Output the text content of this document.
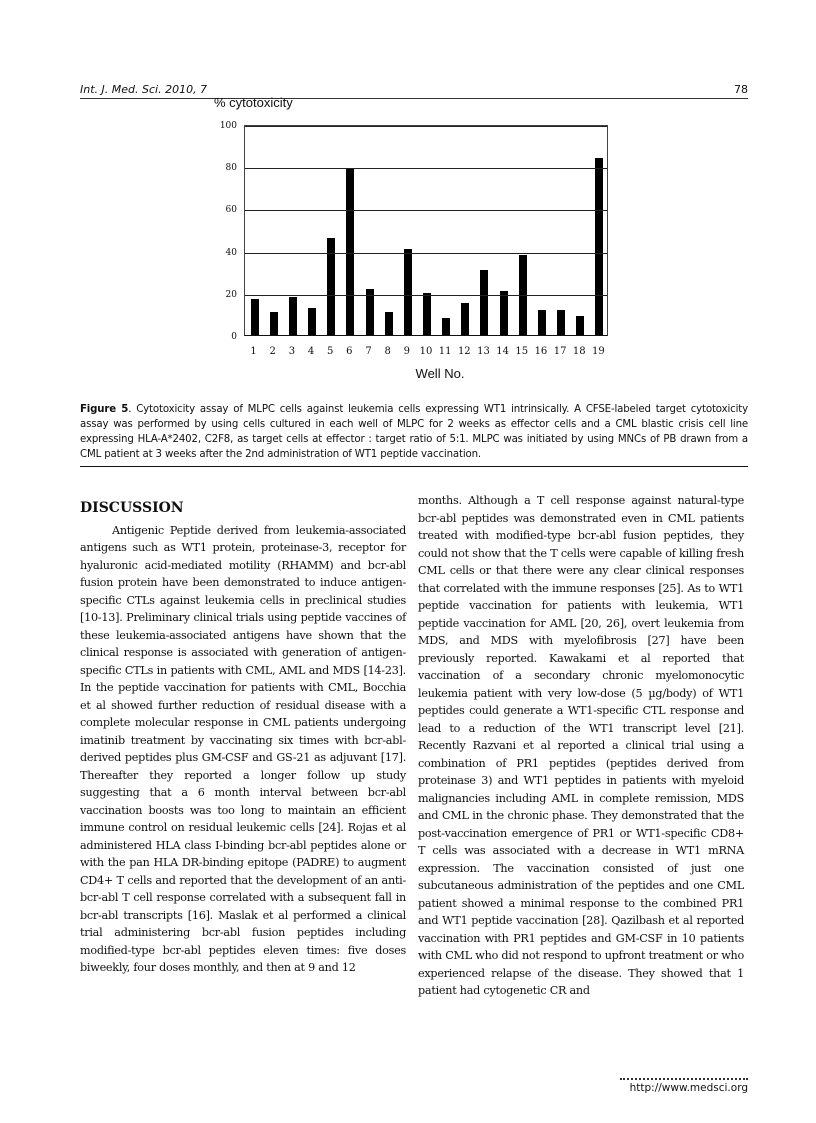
Int. J. Med. Sci. 2010, 7	78
% cytotoxicity
0
20
40
60
80
100
1 2 3 4 5 6 7 8 9 10 11 12 13 14 15 16 17 18 19
Well No.
Figure 5. Cytotoxicity assay of MLPC cells against leukemia cells expressing WT1 intrinsically. A CFSE-labeled target cytotoxicity assay was performed by using cells cultured in each well of MLPC for 2 weeks as effector cells and a CML blastic crisis cell line expressing HLA-A*2402, C2F8, as target cells at effector : target ratio of 5:1. MLPC was initiated by using MNCs of PB drawn from a CML patient at 3 weeks after the 2nd administration of WT1 peptide vaccination.
DISCUSSION

Antigenic Peptide derived from leukemia-associated antigens such as WT1 protein, proteinase-3, receptor for hyaluronic acid-mediated motility (RHAMM) and bcr-abl fusion protein have been demonstrated to induce antigen-specific CTLs against leukemia cells in preclinical studies [10-13]. Preliminary clinical trials using peptide vaccines of these leukemia-associated antigens have shown that the clinical response is associated with generation of antigen-specific CTLs in patients with CML, AML and MDS [14-23]. In the peptide vaccination for patients with CML, Bocchia et al showed further reduction of residual disease with a complete molecular response in CML patients undergoing imatinib treatment by vaccinating six times with bcr-abl-derived peptides plus GM-CSF and GS-21 as adjuvant [17]. Thereafter they reported a longer follow up study suggesting that a 6 month interval between bcr-abl vaccination boosts was too long to maintain an efficient immune control on residual leukemic cells [24]. Rojas et al administered HLA class I-binding bcr-abl peptides alone or with the pan HLA DR-binding epitope (PADRE) to augment CD4+ T cells and reported that the development of an anti-bcr-abl T cell response correlated with a subsequent fall in bcr-abl transcripts [16]. Maslak et al performed a clinical trial administering bcr-abl fusion peptides including modified-type bcr-abl peptides eleven times: five doses biweekly, four doses monthly, and then at 9 and 12

months. Although a T cell response against natural-type bcr-abl peptides was demonstrated even in CML patients treated with modified-type bcr-abl fusion peptides, they could not show that the T cells were capable of killing fresh CML cells or that there were any clear clinical responses that correlated with the immune responses [25]. As to WT1 peptide vaccination for patients with leukemia, WT1 peptide vaccination for AML [20, 26], overt leukemia from MDS, and MDS with myelofibrosis [27] have been previously reported. Kawakami et al reported that vaccination of a secondary chronic myelomonocytic leukemia patient with very low-dose (5 µg/body) of WT1 peptides could generate a WT1-specific CTL response and lead to a reduction of the WT1 transcript level [21]. Recently Razvani et al reported a clinical trial using a combination of PR1 peptides (peptides derived from proteinase 3) and WT1 peptides in patients with myeloid malignancies including AML in complete remission, MDS and CML in the chronic phase. They demonstrated that the post-vaccination emergence of PR1 or WT1-specific CD8+ T cells was associated with a decrease in WT1 mRNA expression. The vaccination consisted of just one subcutaneous administration of the peptides and one CML patient showed a minimal response to the combined PR1 and WT1 peptide vaccination [28]. Qazilbash et al reported vaccination with PR1 peptides and GM-CSF in 10 patients with CML who did not respond to upfront treatment or who experienced relapse of the disease. They showed that 1 patient had cytogenetic CR and

http://www.medsci.org
